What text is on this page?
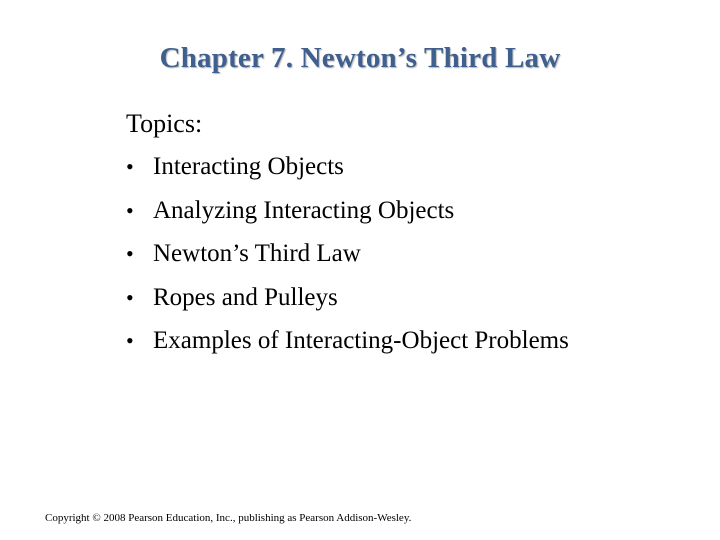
Chapter 7. Newton’s Third Law
Topics:
• Interacting Objects
• Analyzing Interacting Objects
• Newton’s Third Law
• Ropes and Pulleys
• Examples of Interacting-Object Problems
Copyright © 2008 Pearson Education, Inc., publishing as Pearson Addison-Wesley.
